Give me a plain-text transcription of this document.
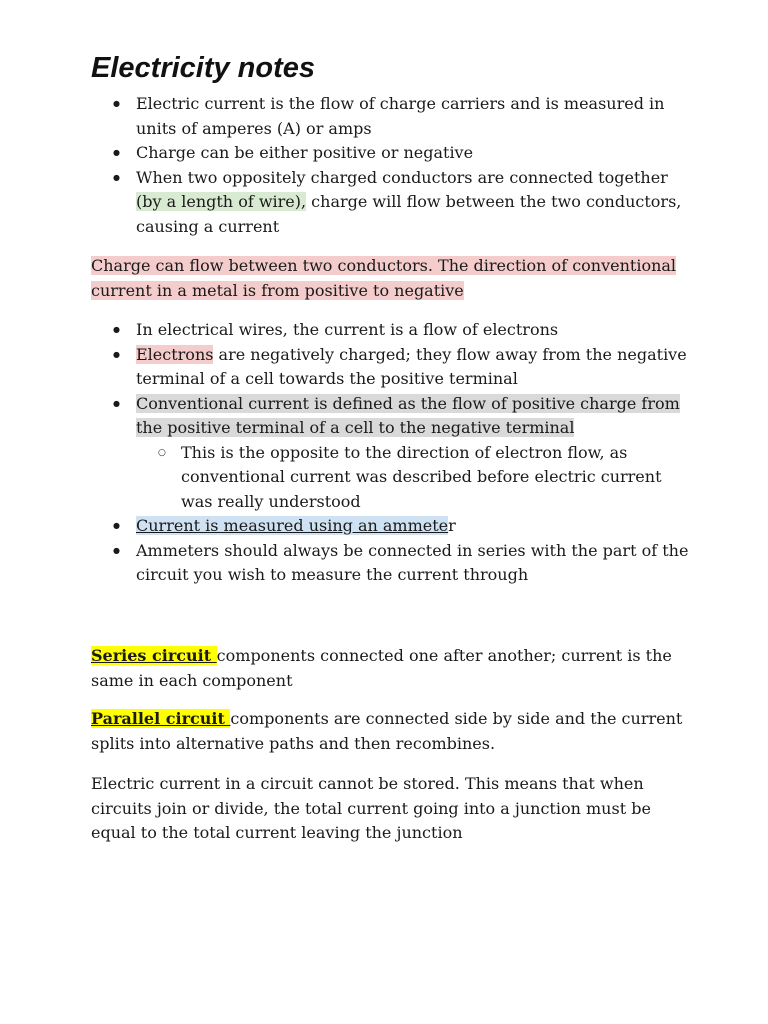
Electricity notes
● Electric current is the flow of charge carriers and is measured in units of amperes (A) or amps
● Charge can be either positive or negative
● When two oppositely charged conductors are connected together (by a length of wire), charge will flow between the two conductors, causing a current

Charge can flow between two conductors. The direction of conventional current in a metal is from positive to negative

● In electrical wires, the current is a flow of electrons
● Electrons are negatively charged; they flow away from the negative terminal of a cell towards the positive terminal
● Conventional current is defined as the flow of positive charge from the positive terminal of a cell to the negative terminal
○ This is the opposite to the direction of electron flow, as conventional current was described before electric current was really understood
● Current is measured using an ammeter
● Ammeters should always be connected in series with the part of the circuit you wish to measure the current through

Series circuit components connected one after another; current is the same in each component

Parallel circuit components are connected side by side and the current splits into alternative paths and then recombines.

Electric current in a circuit cannot be stored. This means that when circuits join or divide, the total current going into a junction must be equal to the total current leaving the junction
